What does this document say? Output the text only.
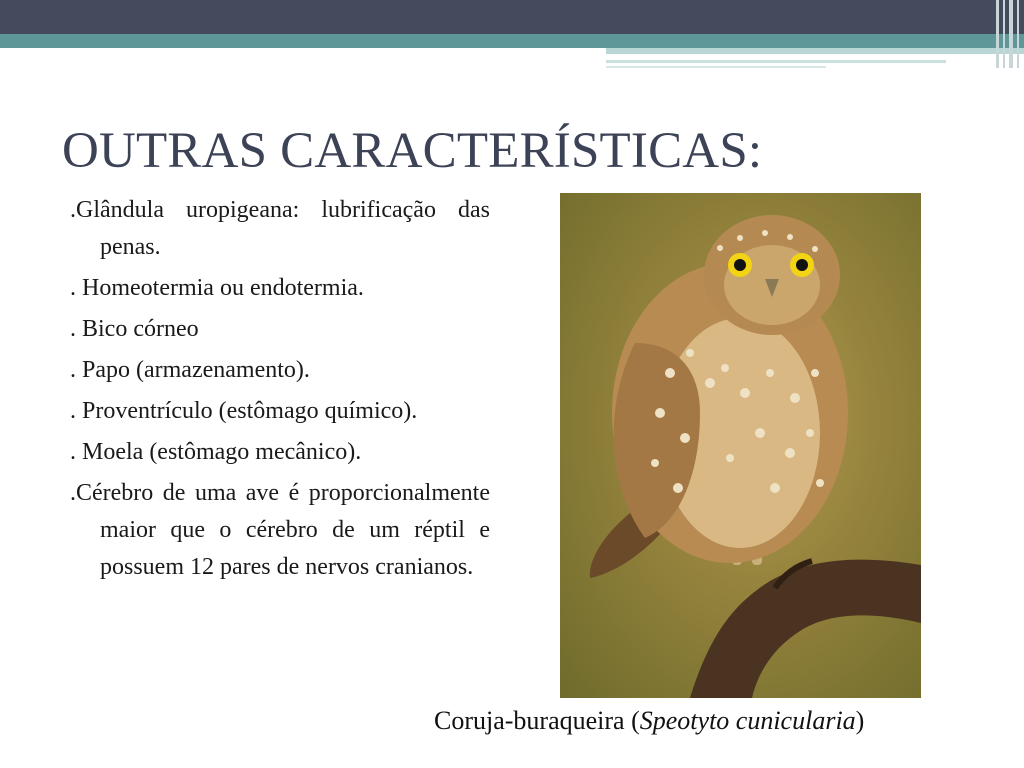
OUTRAS CARACTERÍSTICAS:
.Glândula uropigeana: lubrificação das penas.
. Homeotermia ou endotermia.
. Bico córneo
. Papo (armazenamento).
. Proventrículo (estômago químico).
. Moela (estômago mecânico).
.Cérebro de uma ave é proporcionalmente maior que o cérebro de um réptil e possuem 12 pares de nervos cranianos.

Coruja-buraqueira (Speotyto cunicularia)
